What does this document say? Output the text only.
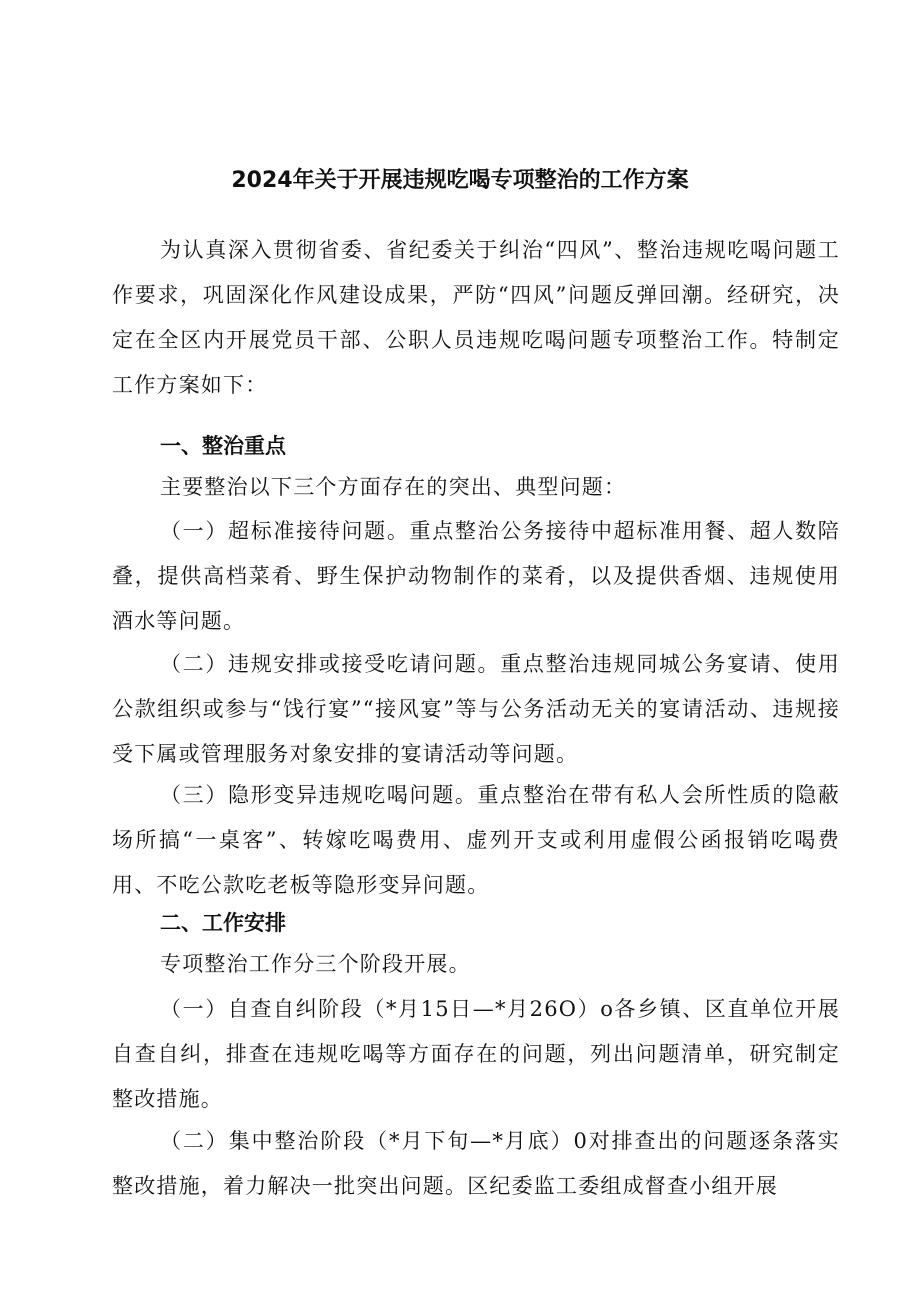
2024年关于开展违规吃喝专项整治的工作方案
为认真深入贯彻省委、省纪委关于纠治“四风”、整治违规吃喝问题工作要求，巩固深化作风建设成果，严防“四风”问题反弹回潮。经研究，决定在全区内开展党员干部、公职人员违规吃喝问题专项整治工作。特制定工作方案如下：
一、整治重点
主要整治以下三个方面存在的突出、典型问题：
（一）超标准接待问题。重点整治公务接待中超标准用餐、超人数陪叠，提供高档菜肴、野生保护动物制作的菜肴，以及提供香烟、违规使用酒水等问题。
（二）违规安排或接受吃请问题。重点整治违规同城公务宴请、使用公款组织或参与“饯行宴”“接风宴”等与公务活动无关的宴请活动、违规接受下属或管理服务对象安排的宴请活动等问题。
（三）隐形变异违规吃喝问题。重点整治在带有私人会所性质的隐蔽场所搞“一桌客”、转嫁吃喝费用、虚列开支或利用虚假公函报销吃喝费用、不吃公款吃老板等隐形变异问题。
二、工作安排
专项整治工作分三个阶段开展。
（一）自查自纠阶段（*月15日—*月26O）o各乡镇、区直单位开展自查自纠，排查在违规吃喝等方面存在的问题，列出问题清单，研究制定整改措施。
（二）集中整治阶段（*月下旬—*月底）0对排查出的问题逐条落实整改措施，着力解决一批突出问题。区纪委监工委组成督查小组开展
